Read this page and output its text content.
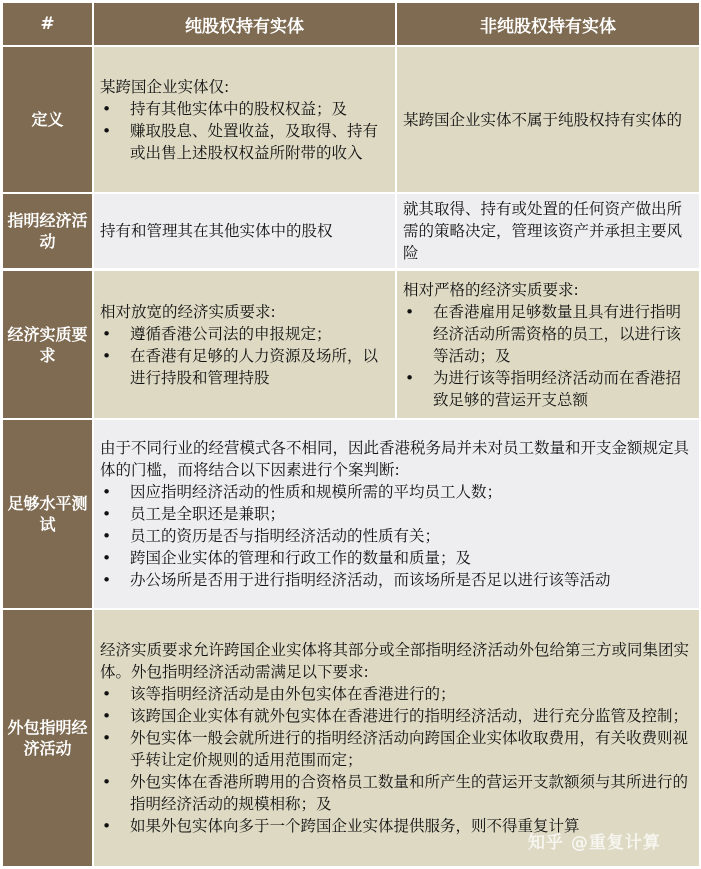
#	纯股权持有实体	非纯股权持有实体
定义

某跨国企业实体仅:

• 持有其他实体中的股权权益；及

• 赚取股息、处置收益，及取得、持有或出售上述股权权益所附带的收入

某跨国企业实体不属于纯股权持有实体的

指明经济活动

持有和管理其在其他实体中的股权

就其取得、持有或处置的任何资产做出所需的策略决定，管理该资产并承担主要风险

经济实质要求

相对放宽的经济实质要求:

• 遵循香港公司法的申报规定；

• 在香港有足够的人力资源及场所，以进行持股和管理持股

相对严格的经济实质要求:

• 在香港雇用足够数量且具有进行指明经济活动所需资格的员工，以进行该等活动；及

• 为进行该等指明经济活动而在香港招致足够的营运开支总额

足够水平测试

由于不同行业的经营模式各不相同，因此香港税务局并未对员工数量和开支金额规定具体的门槛，而将结合以下因素进行个案判断:

• 因应指明经济活动的性质和规模所需的平均员工人数；

• 员工是全职还是兼职；

• 员工的资历是否与指明经济活动的性质有关；

• 跨国企业实体的管理和行政工作的数量和质量；及

• 办公场所是否用于进行指明经济活动，而该场所是否足以进行该等活动

外包指明经济活动

经济实质要求允许跨国企业实体将其部分或全部指明经济活动外包给第三方或同集团实体。外包指明经济活动需满足以下要求:

• 该等指明经济活动是由外包实体在香港进行的；

• 该跨国企业实体有就外包实体在香港进行的指明经济活动，进行充分监管及控制；

• 外包实体一般会就所进行的指明经济活动向跨国企业实体收取费用，有关收费则视乎转让定价规则的适用范围而定；

• 外包实体在香港所聘用的合资格员工数量和所产生的营运开支款额须与其所进行的指明经济活动的规模相称；及

• 如果外包实体向多于一个跨国企业实体提供服务，则不得重复计算

知乎 @重复计算
